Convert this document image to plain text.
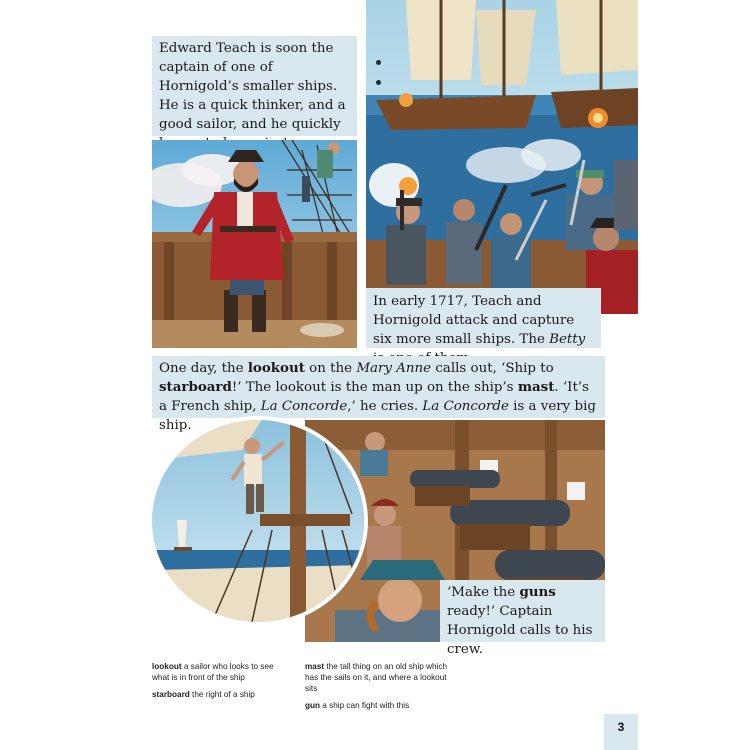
Edward Teach is soon the captain of one of Hornigold’s smaller ships. He is a quick thinker, and a good sailor, and he quickly
In early 1717, Teach and Hornigold attack and capture six more small ships. The Betty
One day, the lookout on the Mary Anne calls out, ‘Ship to starboard!’ The lookout is the man up on the ship’s mast. ‘It’s a French ship, La Concorde,’ he cries. La Concorde is a very big ship.
‘Make the guns ready!’ Captain Hornigold calls to his crew.
lookout a sailor who looks to see what is in front of the ship
starboard the right of a ship
mast the tall thing on an old ship which has the sails on it, and where a lookout sits
gun a ship can fight with this
3
